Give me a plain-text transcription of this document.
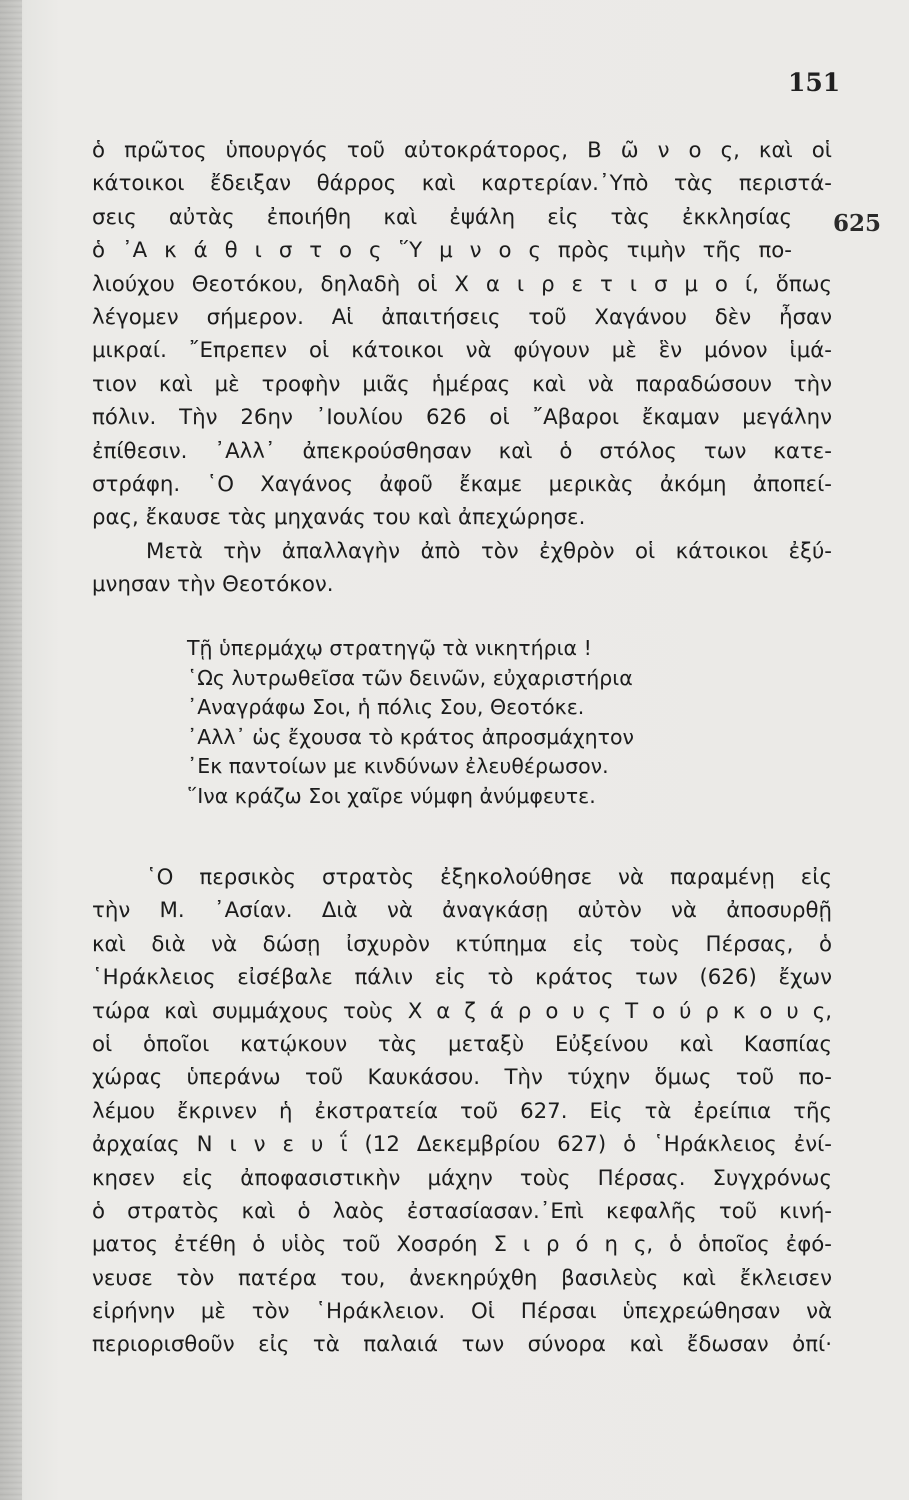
151
625
ὁ πρῶτος ὑπουργός τοῦ αὐτοκράτορος, Β ῶ ν ο ς, καὶ οἱ
κάτοικοι ἔδειξαν θάρρος καὶ καρτερίαν.᾿Υπὸ τὰς περιστά-
σεις αὐτὰς ἐποιήθη καὶ ἐψάλη εἰς τὰς ἐκκλησίας
ὁ ᾿Α κ ά θ ι σ τ ο ς ῞Υ μ ν ο ς πρὸς τιμὴν τῆς πο-
λιούχου Θεοτόκου, δηλαδὴ οἱ Χ α ι ρ ε τ ι σ μ ο ί, ὅπως
λέγομεν σήμερον. Αἱ ἀπαιτήσεις τοῦ Χαγάνου δὲν ἦσαν
μικραί. ῎Επρεπεν οἱ κάτοικοι νὰ φύγουν μὲ ἓν μόνον ἱμά-
τιον καὶ μὲ τροφὴν μιᾶς ἡμέρας καὶ νὰ παραδώσουν τὴν
πόλιν. Τὴν 26ην ᾿Ιουλίου 626 οἱ ῎Αβαροι ἔκαμαν μεγάλην
ἐπίθεσιν. ᾿Αλλ᾿ ἀπεκρούσθησαν καὶ ὁ στόλος των κατε-
στράφη. ῾Ο Χαγάνος ἀφοῦ ἔκαμε μερικὰς ἀκόμη ἀποπεί-
ρας, ἔκαυσε τὰς μηχανάς του καὶ ἀπεχώρησε.
Μετὰ τὴν ἀπαλλαγὴν ἀπὸ τὸν ἐχθρὸν οἱ κάτοικοι ἐξύ-
μνησαν τὴν Θεοτόκον.
Τῇ ὑπερμάχῳ στρατηγῷ τὰ νικητήρια !
῾Ως λυτρωθεῖσα τῶν δεινῶν, εὐχαριστήρια
᾿Αναγράφω Σοι, ἡ πόλις Σου, Θεοτόκε.
᾿Αλλ᾿ ὡς ἔχουσα τὸ κράτος ἀπροσμάχητον
᾿Εκ παντοίων με κινδύνων ἐλευθέρωσον.
῞Ινα κράζω Σοι χαῖρε νύμφη ἀνύμφευτε.
῾Ο περσικὸς στρατὸς ἐξηκολούθησε νὰ παραμένῃ εἰς
τὴν Μ. ᾿Ασίαν. Διὰ νὰ ἀναγκάσῃ αὐτὸν νὰ ἀποσυρθῇ
καὶ διὰ νὰ δώσῃ ἰσχυρὸν κτύπημα εἰς τοὺς Πέρσας, ὁ
῾Ηράκλειος εἰσέβαλε πάλιν εἰς τὸ κράτος των (626) ἔχων
τώρα καὶ συμμάχους τοὺς Χ α ζ ά ρ ο υ ς Τ ο ύ ρ κ ο υ ς,
οἱ ὁποῖοι κατῴκουν τὰς μεταξὺ Εὐξείνου καὶ Κασπίας
χώρας ὑπεράνω τοῦ Καυκάσου. Τὴν τύχην ὅμως τοῦ πο-
λέμου ἔκρινεν ἡ ἐκστρατεία τοῦ 627. Εἰς τὰ ἐρείπια τῆς
ἀρχαίας Ν ι ν ε υ ΐ (12 Δεκεμβρίου 627) ὁ ῾Ηράκλειος ἐνί-
κησεν εἰς ἀποφασιστικὴν μάχην τοὺς Πέρσας. Συγχρόνως
ὁ στρατὸς καὶ ὁ λαὸς ἐστασίασαν.᾿Επὶ κεφαλῆς τοῦ κινή-
ματος ἐτέθη ὁ υἱὸς τοῦ Χοσρόη Σ ι ρ ό η ς, ὁ ὁποῖος ἐφό-
νευσε τὸν πατέρα του, ἀνεκηρύχθη βασιλεὺς καὶ ἔκλεισεν
εἰρήνην μὲ τὸν ῾Ηράκλειον. Οἱ Πέρσαι ὑπεχρεώθησαν νὰ
περιορισθοῦν εἰς τὰ παλαιά των σύνορα καὶ ἔδωσαν ὀπί·
